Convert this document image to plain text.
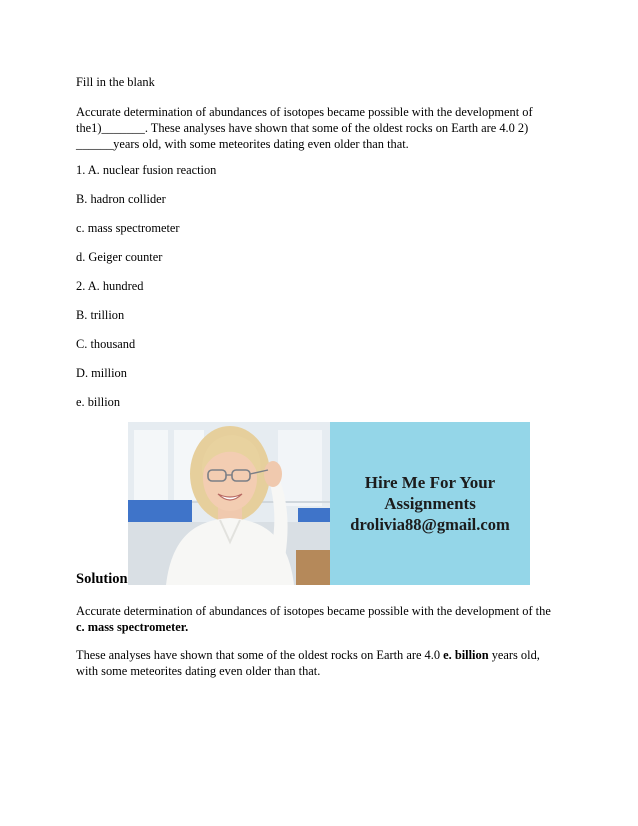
Fill in the blank

Accurate determination of abundances of isotopes became possible with the development of

the1)_______. These analyses have shown that some of the oldest rocks on Earth are 4.0 2)

______years old, with some meteorites dating even older than that.

1. A. nuclear fusion reaction

B. hadron collider

c. mass spectrometer

d. Geiger counter

2. A. hundred

B. trillion

C. thousand

D. million

e. billion

Hire Me For Your
Assignments
drolivia88@gmail.com

Solution

Accurate determination of abundances of isotopes became possible with the development of the
c. mass spectrometer.

These analyses have shown that some of the oldest rocks on Earth are 4.0 e. billion years old,
with some meteorites dating even older than that.
